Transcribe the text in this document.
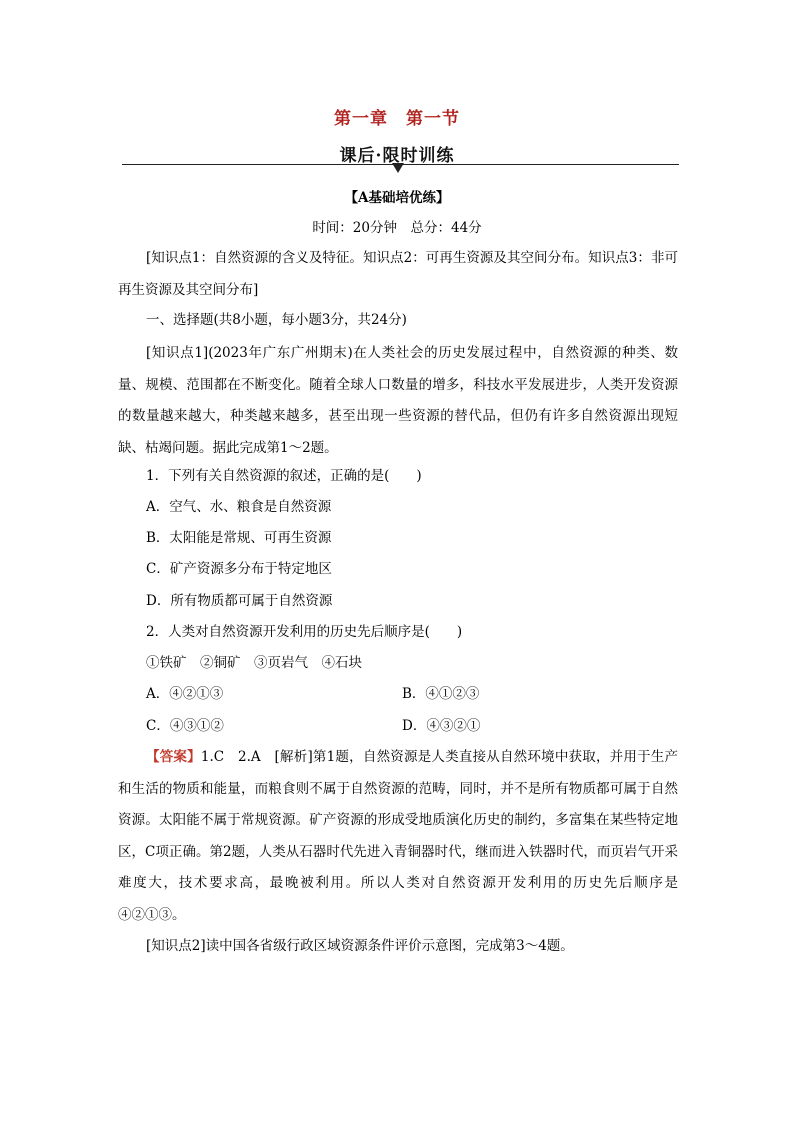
第一章　第一节
课后·限时训练
【A基础培优练】
时间：20分钟　总分：44分
[知识点1：自然资源的含义及特征。知识点2：可再生资源及其空间分布。知识点3：非可再生资源及其空间分布]
一、选择题(共8小题，每小题3分，共24分)
[知识点1](2023年广东广州期末)在人类社会的历史发展过程中，自然资源的种类、数量、规模、范围都在不断变化。随着全球人口数量的增多，科技水平发展进步，人类开发资源的数量越来越大，种类越来越多，甚至出现一些资源的替代品，但仍有许多自然资源出现短缺、枯竭问题。据此完成第1～2题。
1．下列有关自然资源的叙述，正确的是(　　)
A．空气、水、粮食是自然资源
B．太阳能是常规、可再生资源
C．矿产资源多分布于特定地区
D．所有物质都可属于自然资源
2．人类对自然资源开发利用的历史先后顺序是(　　)
①铁矿　②铜矿　③页岩气　④石块
A．④②①③	B．④①②③
C．④③①②	D．④③②①
【答案】1.C　2.A　[解析]第1题，自然资源是人类直接从自然环境中获取，并用于生产和生活的物质和能量，而粮食则不属于自然资源的范畴，同时，并不是所有物质都可属于自然资源。太阳能不属于常规资源。矿产资源的形成受地质演化历史的制约，多富集在某些特定地区，C项正确。第2题，人类从石器时代先进入青铜器时代，继而进入铁器时代，而页岩气开采难度大，技术要求高，最晚被利用。所以人类对自然资源开发利用的历史先后顺序是④②①③。
[知识点2]读中国各省级行政区域资源条件评价示意图，完成第3～4题。
